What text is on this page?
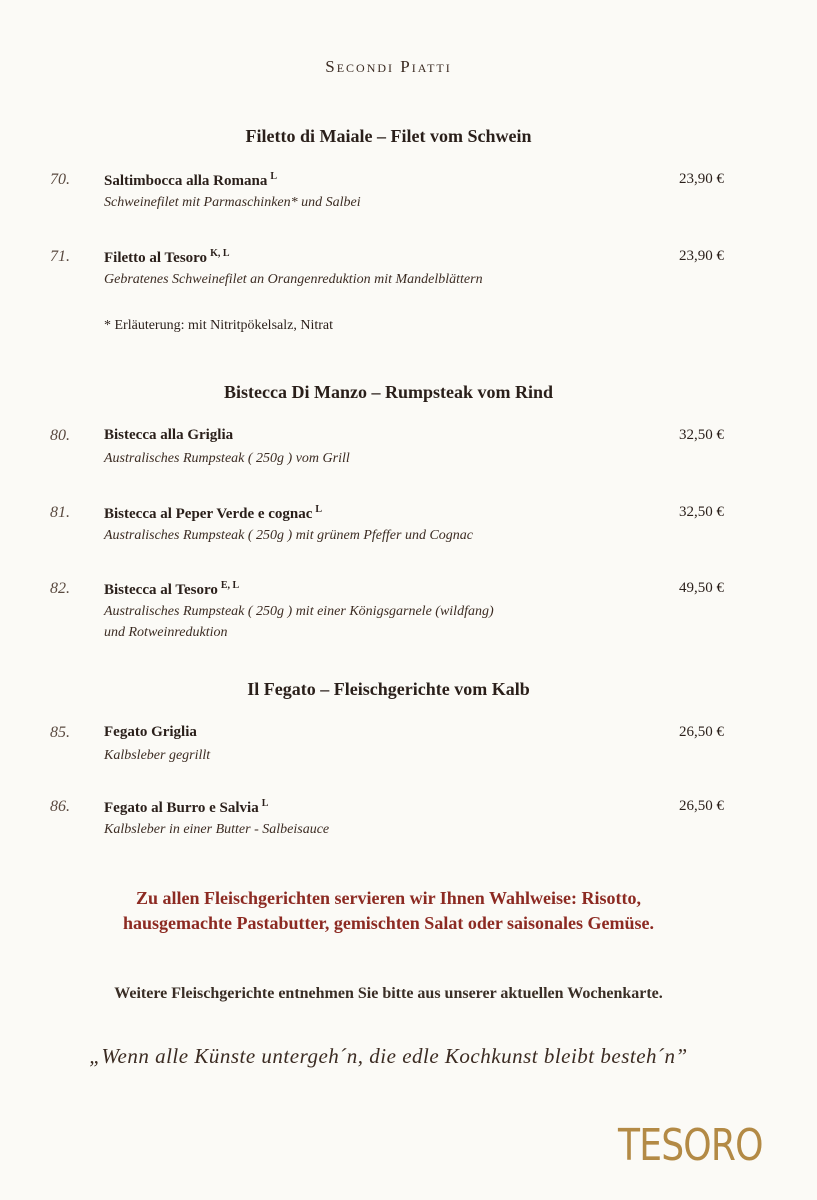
Secondi Piatti
Filetto di Maiale – Filet vom Schwein
70. Saltimbocca alla Romana $^L$
Schweinefilet mit Parmaschinken* und Salbei
23,90 €
71. Filetto al Tesoro $^{K, L}$
Gebratenes Schweinefilet an Orangenreduktion mit Mandelblättern
23,90 €
* Erläuterung: mit Nitritpökelsalz, Nitrat
Bistecca Di Manzo – Rumpsteak vom Rind
80. Bistecca alla Griglia
Australisches Rumpsteak ( 250g ) vom Grill
32,50 €
81. Bistecca al Peper Verde e cognac $^L$
Australisches Rumpsteak ( 250g ) mit grünem Pfeffer und Cognac
32,50 €
82. Bistecca al Tesoro $^{E, L}$
Australisches Rumpsteak ( 250g ) mit einer Königsgarnele (wildfang)
und Rotweinreduktion
49,50 €
Il Fegato – Fleischgerichte vom Kalb
85. Fegato Griglia
Kalbsleber gegrillt
26,50 €
86. Fegato al Burro e Salvia $^L$
Kalbsleber in einer Butter - Salbeisauce
26,50 €
Zu allen Fleischgerichten servieren wir Ihnen Wahlweise: Risotto,
hausgemachte Pastabutter, gemischten Salat oder saisonales Gemüse.
Weitere Fleischgerichte entnehmen Sie bitte aus unserer aktuellen Wochenkarte.
„Wenn alle Künste untergeh´n, die edle Kochkunst bleibt besteh´n”
TESORO
